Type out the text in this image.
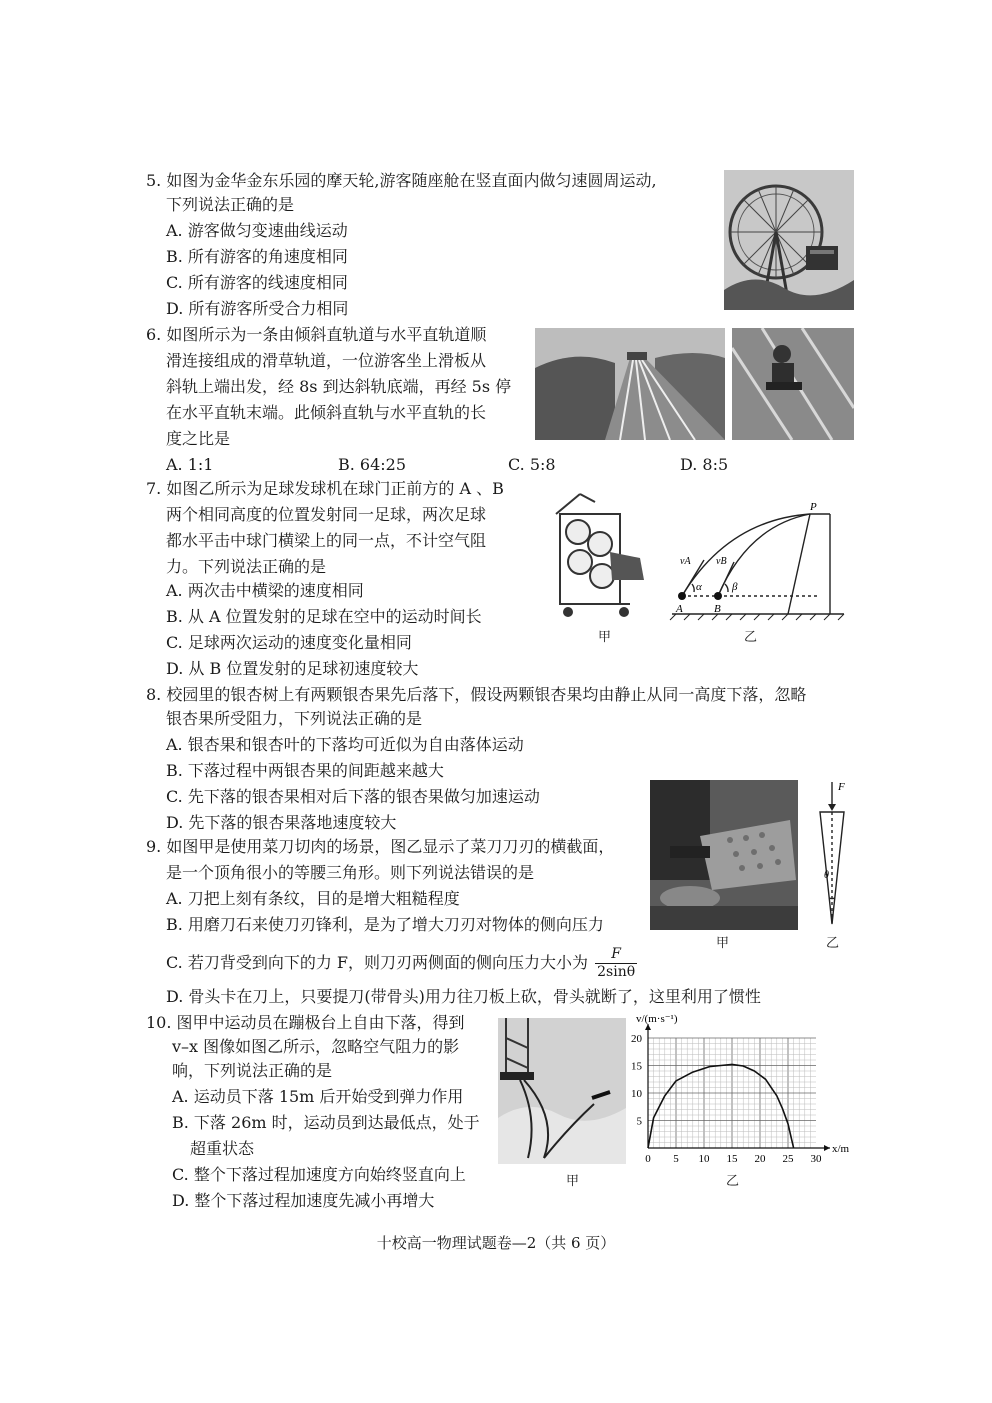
5. 如图为金华金东乐园的摩天轮,游客随座舱在竖直面内做匀速圆周运动,
下列说法正确的是
A. 游客做匀变速曲线运动
B. 所有游客的角速度相同
C. 所有游客的线速度相同
D. 所有游客所受合力相同
6. 如图所示为一条由倾斜直轨道与水平直轨道顺
滑连接组成的滑草轨道，一位游客坐上滑板从
斜轨上端出发，经 8s 到达斜轨底端，再经 5s 停
在水平直轨末端。此倾斜直轨与水平直轨的长
度之比是
A. 1:1	B. 64:25	C. 5:8	D. 8:5
7. 如图乙所示为足球发球机在球门正前方的 A 、B
两个相同高度的位置发射同一足球，两次足球
都水平击中球门横梁上的同一点，不计空气阻
力。下列说法正确的是
A. 两次击中横梁的速度相同
B. 从 A 位置发射的足球在空中的运动时间长
C. 足球两次运动的速度变化量相同
D. 从 B 位置发射的足球初速度较大
甲
P
vA	vB
α	β
A	B
乙
8. 校园里的银杏树上有两颗银杏果先后落下，假设两颗银杏果均由静止从同一高度下落，忽略
银杏果所受阻力，下列说法正确的是
A. 银杏果和银杏叶的下落均可近似为自由落体运动
B. 下落过程中两银杏果的间距越来越大
C. 先下落的银杏果相对后下落的银杏果做匀加速运动
D. 先下落的银杏果落地速度较大
9. 如图甲是使用菜刀切肉的场景，图乙显示了菜刀刀刃的横截面，
是一个顶角很小的等腰三角形。则下列说法错误的是
A. 刀把上刻有条纹，目的是增大粗糙程度
B. 用磨刀石来使刀刃锋利，是为了增大刀刃对物体的侧向压力
C. 若刀背受到向下的力 F，则刀刃两侧面的侧向压力大小为 $\frac{F}{2\sin\theta}$
D. 骨头卡在刀上，只要提刀(带骨头)用力往刀板上砍，骨头就断了，这里利用了惯性
甲
F
θ
乙
10. 图甲中运动员在蹦极台上自由下落，得到
v–x 图像如图乙所示，忽略空气阻力的影
响，下列说法正确的是
A. 运动员下落 15m 后开始受到弹力作用
B. 下落 26m 时，运动员到达最低点，处于
超重状态
C. 整个下落过程加速度方向始终竖直向上
D. 整个下落过程加速度先减小再增大
甲
0 5 10 15 20 25 30
5
10
15
20
v/(m·s⁻¹)
x/m
乙
十校高一物理试题卷—2（共 6 页）
